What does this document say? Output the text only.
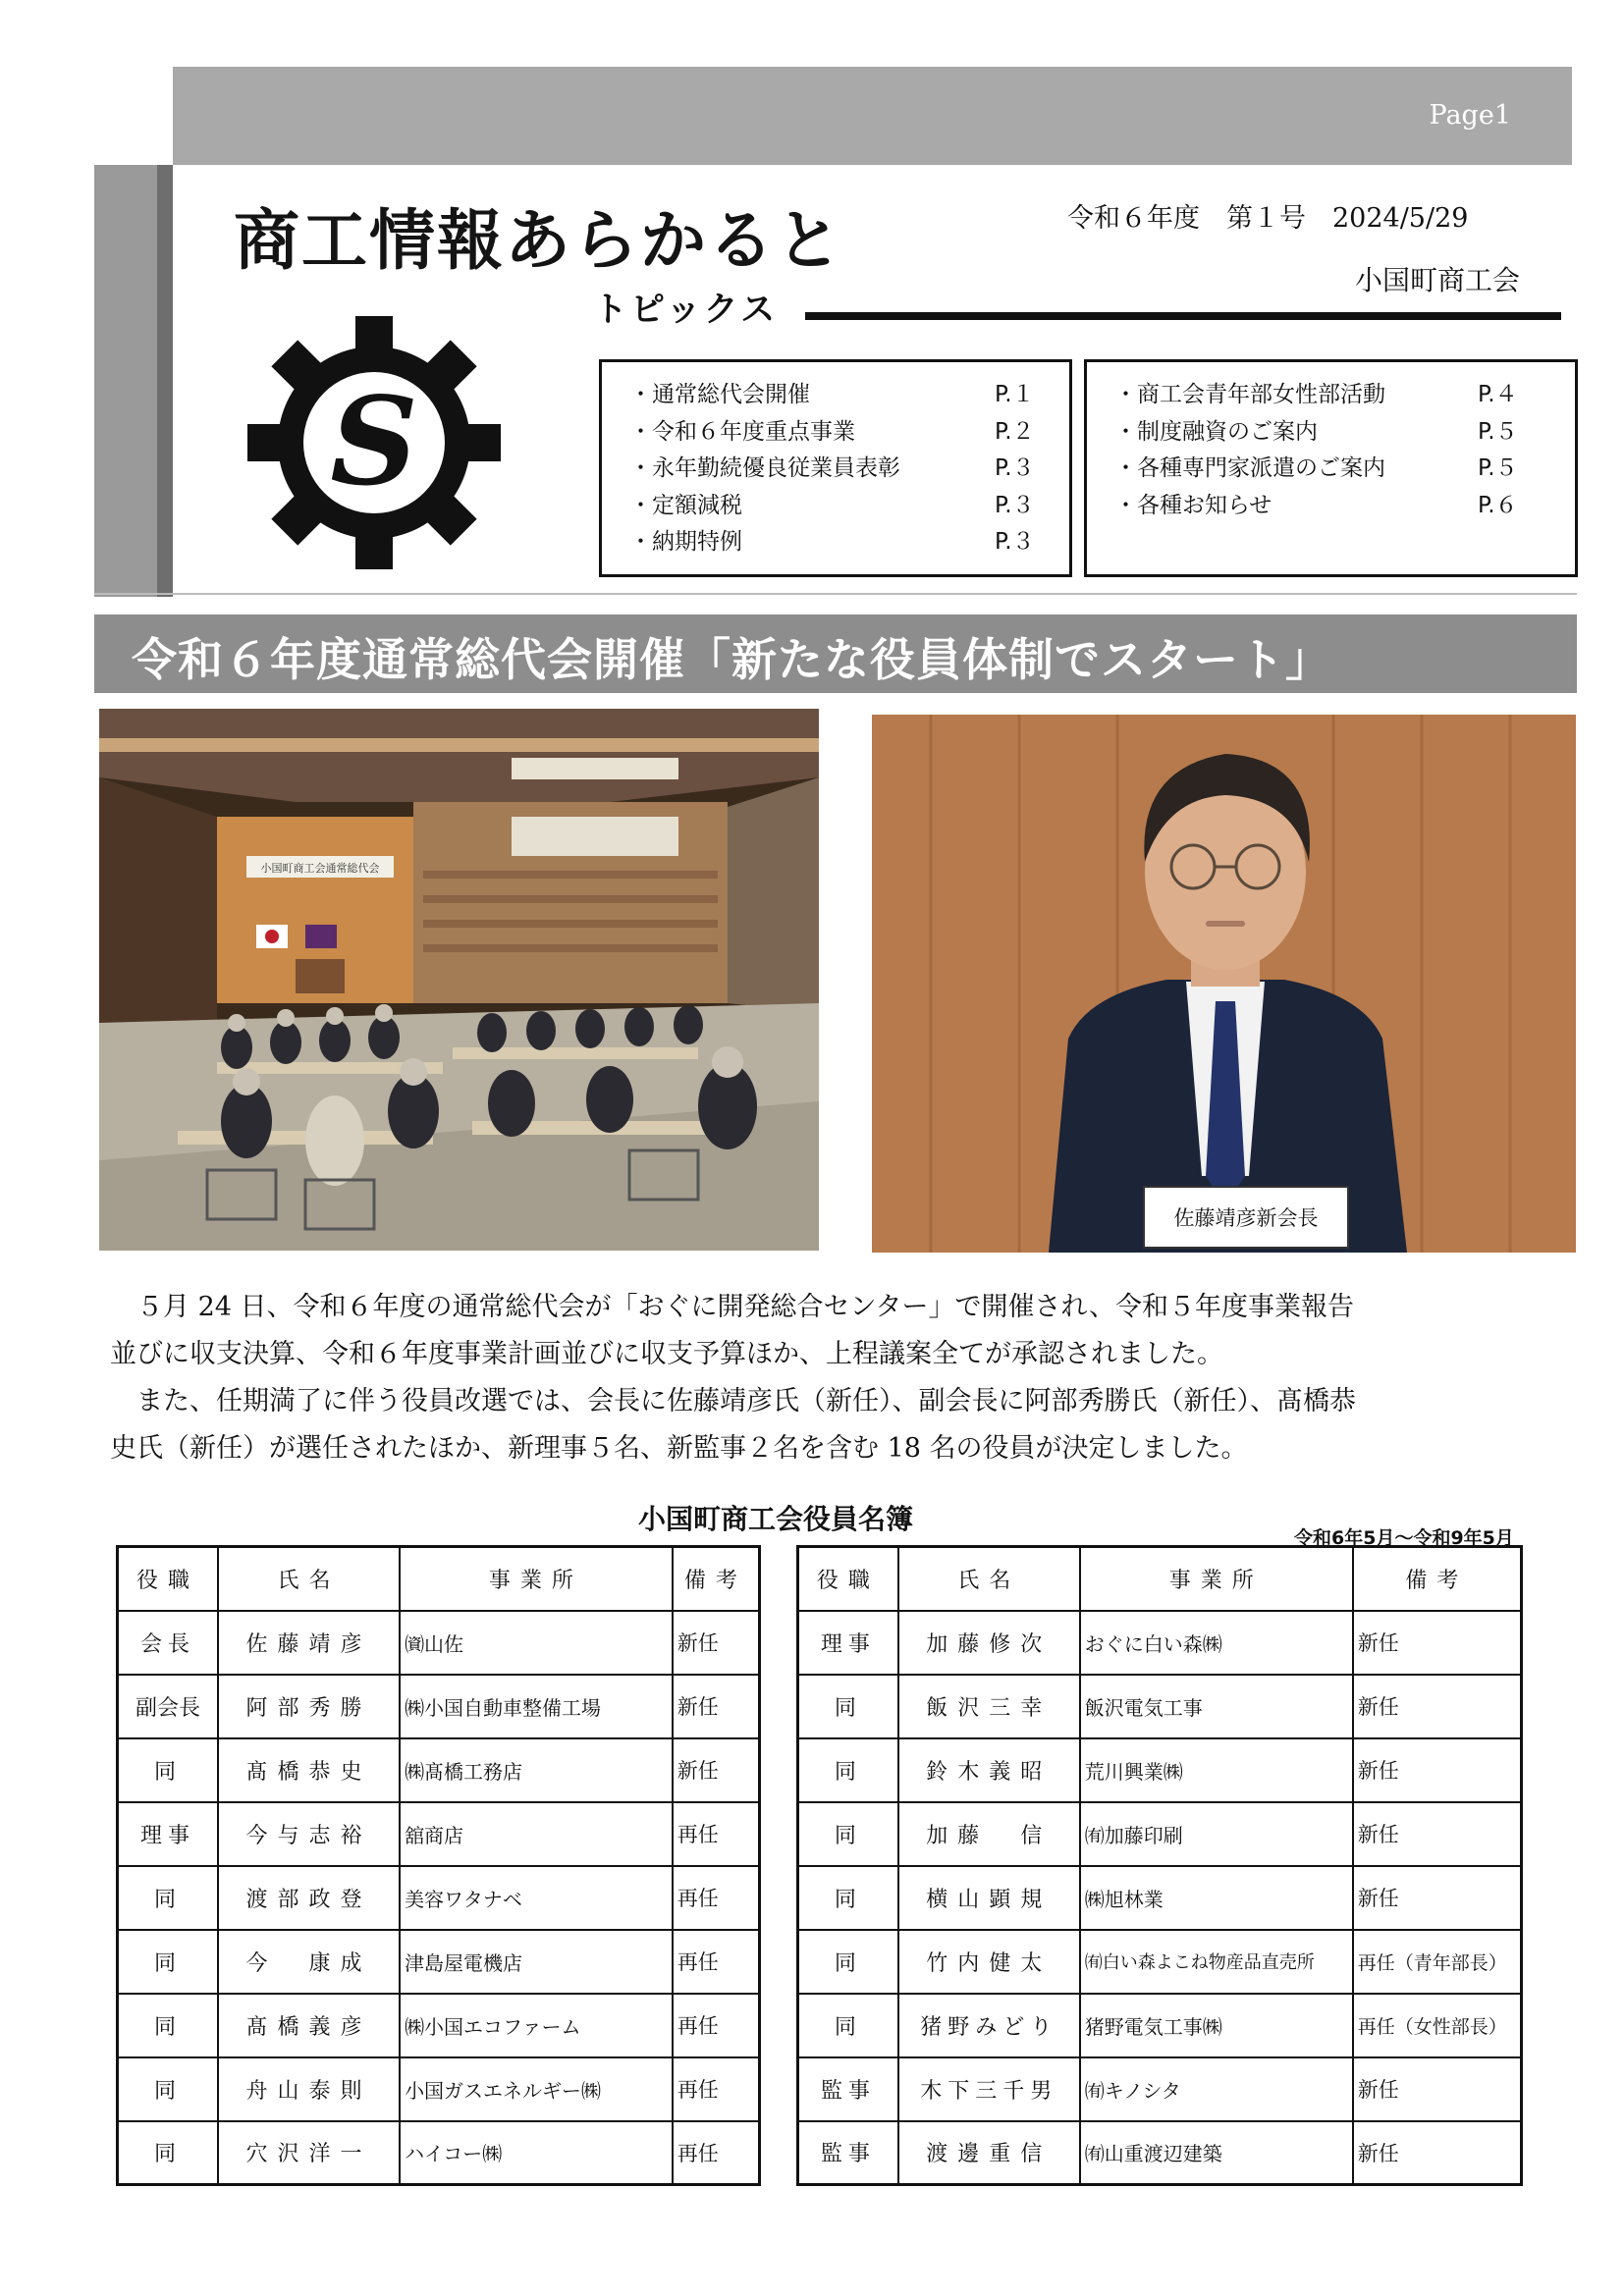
Page1
商工情報あらかると	令和６年度　第１号　2024/5/29
小国町商工会
トピックス
S	・通常総代会開催	P.１
・令和６年度重点事業	P.２
・永年勤続優良従業員表彰	P.３
・定額減税	P.３
・納期特例	P.３
・商工会青年部女性部活動	P.４
・制度融資のご案内	P.５
・各種専門家派遣のご案内	P.５
・各種お知らせ	P.６
令和６年度通常総代会開催「新たな役員体制でスタート」
小国町商工会通常総代会
佐藤靖彦新会長
５月 24 日、令和６年度の通常総代会が「おぐに開発総合センター」で開催され、令和５年度事業報告
並びに収支決算、令和６年度事業計画並びに収支予算ほか、上程議案全てが承認されました。
また、任期満了に伴う役員改選では、会長に佐藤靖彦氏（新任）、副会長に阿部秀勝氏（新任）、髙橋恭
史氏（新任）が選任されたほか、新理事５名、新監事２名を含む 18 名の役員が決定しました。
小国町商工会役員名簿
令和6年5月～令和9年5月
役職	氏名	事業所	備考
会長	佐藤靖彦	㈾山佐	新任
副会長	阿部秀勝	㈱小国自動車整備工場	新任
同	髙橋恭史	㈱髙橋工務店	新任
理事	今与志裕	舘商店	再任
同	渡部政登	美容ワタナベ	再任
同	今　康成	津島屋電機店	再任
同	髙橋義彦	㈱小国エコファーム	再任
同	舟山泰則	小国ガスエネルギー㈱	再任
同	穴沢洋一	ハイコー㈱	再任
役職	氏名	事業所	備考
理事	加藤修次	おぐに白い森㈱	新任
同	飯沢三幸	飯沢電気工事	新任
同	鈴木義昭	荒川興業㈱	新任
同	加藤　信	㈲加藤印刷	新任
同	横山顕規	㈱旭林業	新任
同	竹内健太	㈲白い森よこね物産品直売所	再任（青年部長）
同	猪野みどり	猪野電気工事㈱	再任（女性部長）
監事	木下三千男	㈲キノシタ	新任
監事	渡邊重信	㈲山重渡辺建築	新任
